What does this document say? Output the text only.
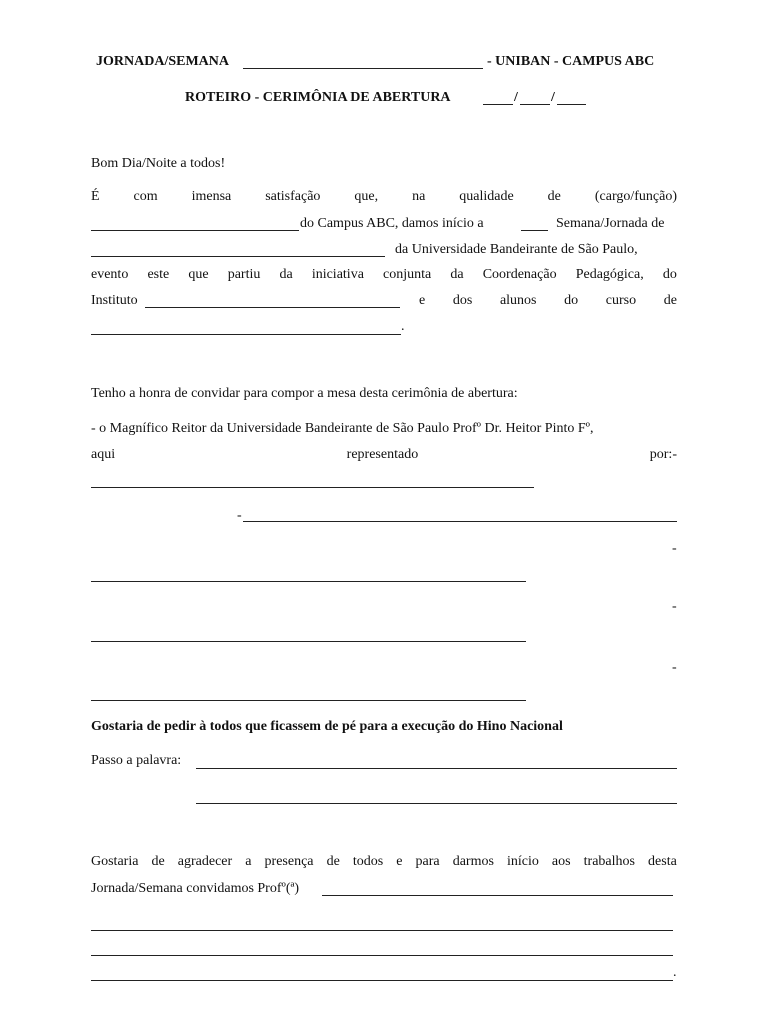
JORNADA/SEMANA	- UNIBAN - CAMPUS ABC
ROTEIRO - CERIMÔNIA DE ABERTURA	/ /
Bom Dia/Noite a todos!
É com imensa satisfação que, na qualidade de (cargo/função)
do Campus ABC, damos início a	Semana/Jornada de
da Universidade Bandeirante de São Paulo,
evento este que partiu da iniciativa conjunta da Coordenação Pedagógica, do
Instituto	e dos alunos do curso de
.
Tenho a honra de convidar para compor a mesa desta cerimônia de abertura:
- o Magnífico Reitor da Universidade Bandeirante de São Paulo Profº Dr. Heitor Pinto Fº,
aqui	representado	por:-
-
-
-
-
Gostaria de pedir à todos que ficassem de pé para a execução do Hino Nacional
Passo a palavra:
Gostaria de agradecer a presença de todos e para darmos início aos trabalhos desta
Jornada/Semana convidamos Profº(ª)
.
